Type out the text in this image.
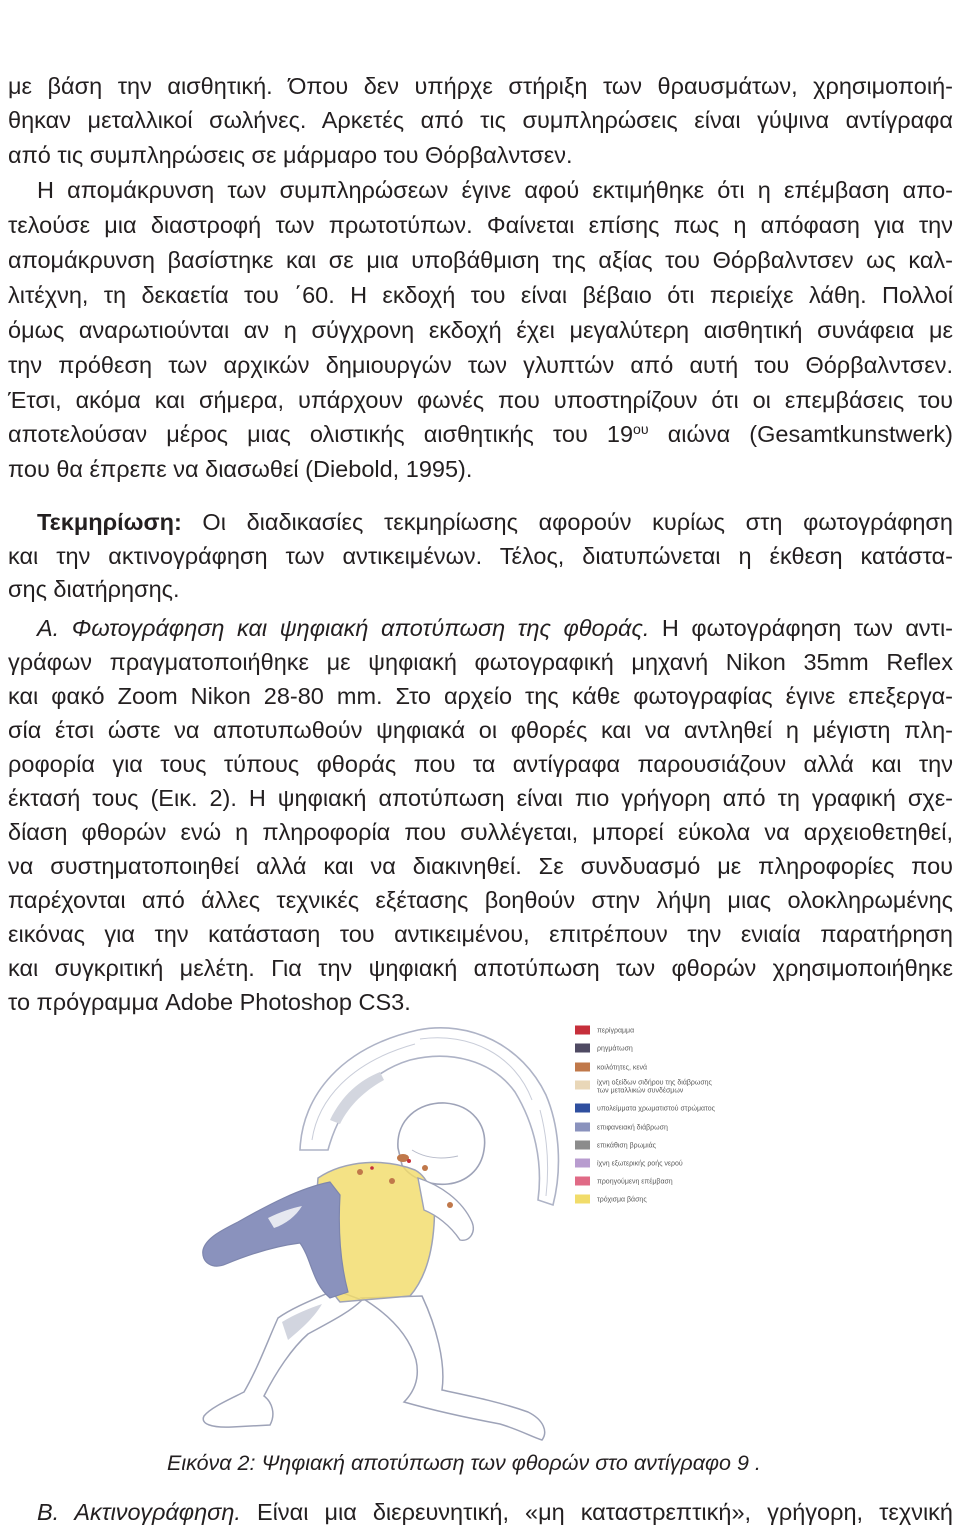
με βάση την αισθητική. Όπου δεν υπήρχε στήριξη των θραυσμάτων, χρησιμοποιή-
θηκαν μεταλλικοί σωλήνες. Αρκετές από τις συμπληρώσεις είναι γύψινα αντίγραφα
από τις συμπληρώσεις σε μάρμαρο του Θόρβαλντσεν.
Η απομάκρυνση των συμπληρώσεων έγινε αφού εκτιμήθηκε ότι η επέμβαση απο-
τελούσε μια διαστροφή των πρωτοτύπων. Φαίνεται επίσης πως η απόφαση για την
απομάκρυνση βασίστηκε και σε μια υποβάθμιση της αξίας του Θόρβαλντσεν ως καλ-
λιτέχνη, τη δεκαετία του ΄60. Η εκδοχή του είναι βέβαιο ότι περιείχε λάθη. Πολλοί
όμως αναρωτιούνται αν η σύγχρονη εκδοχή έχει μεγαλύτερη αισθητική συνάφεια με
την πρόθεση των αρχικών δημιουργών των γλυπτών από αυτή του Θόρβαλντσεν.
Έτσι, ακόμα και σήμερα, υπάρχουν φωνές που υποστηρίζουν ότι οι επεμβάσεις του
αποτελούσαν μέρος μιας ολιστικής αισθητικής του $19^{o\upsilon}$ αιώνα (Gesamtkunstwerk)
που θα έπρεπε να διασωθεί (Diebold, 1995).
Τεκμηρίωση: Οι διαδικασίες τεκμηρίωσης αφορούν κυρίως στη φωτογράφηση
και την ακτινογράφηση των αντικειμένων. Τέλος, διατυπώνεται η έκθεση κατάστα-
σης διατήρησης.
Α. Φωτογράφηση και ψηφιακή αποτύπωση της φθοράς. Η φωτογράφηση των αντι-
γράφων πραγματοποιήθηκε με ψηφιακή φωτογραφική μηχανή Nikon 35mm Reflex
και φακό Zoom Nikon 28-80 mm. Στο αρχείο της κάθε φωτογραφίας έγινε επεξεργα-
σία έτσι ώστε να αποτυπωθούν ψηφιακά οι φθορές και να αντληθεί η μέγιστη πλη-
ροφορία για τους τύπους φθοράς που τα αντίγραφα παρουσιάζουν αλλά και την
έκτασή τους (Εικ. 2). Η ψηφιακή αποτύπωση είναι πιο γρήγορη από τη γραφική σχε-
δίαση φθορών ενώ η πληροφορία που συλλέγεται, μπορεί εύκολα να αρχειοθετηθεί,
να συστηματοποιηθεί αλλά και να διακινηθεί. Σε συνδυασμό με πληροφορίες που
παρέχονται από άλλες τεχνικές εξέτασης βοηθούν στην λήψη μιας ολοκληρωμένης
εικόνας για την κατάσταση του αντικειμένου, επιτρέπουν την ενιαία παρατήρηση
και συγκριτική μελέτη. Για την ψηφιακή αποτύπωση των φθορών χρησιμοποιήθηκε
το πρόγραμμα Adobe Photoshop CS3.
περίγραμμα
ρηγμάτωση
κοιλότητες, κενά
ίχνη οξείδων σιδήρου της διάβρωσης
των μεταλλικών συνδέσμων
υπολείμματα χρωματιστού στρώματος
επιφανειακή διάβρωση
επικάθιση βρωμιάς
ίχνη εξωτερικής ροής νερού
προηγούμενη επέμβαση
τρόχισμα βάσης
Εικόνα 2: Ψηφιακή αποτύπωση των φθορών στο αντίγραφο 9 .
Β. Ακτινογράφηση. Είναι μια διερευνητική, «μη καταστρεπτική», γρήγορη, τεχνική
